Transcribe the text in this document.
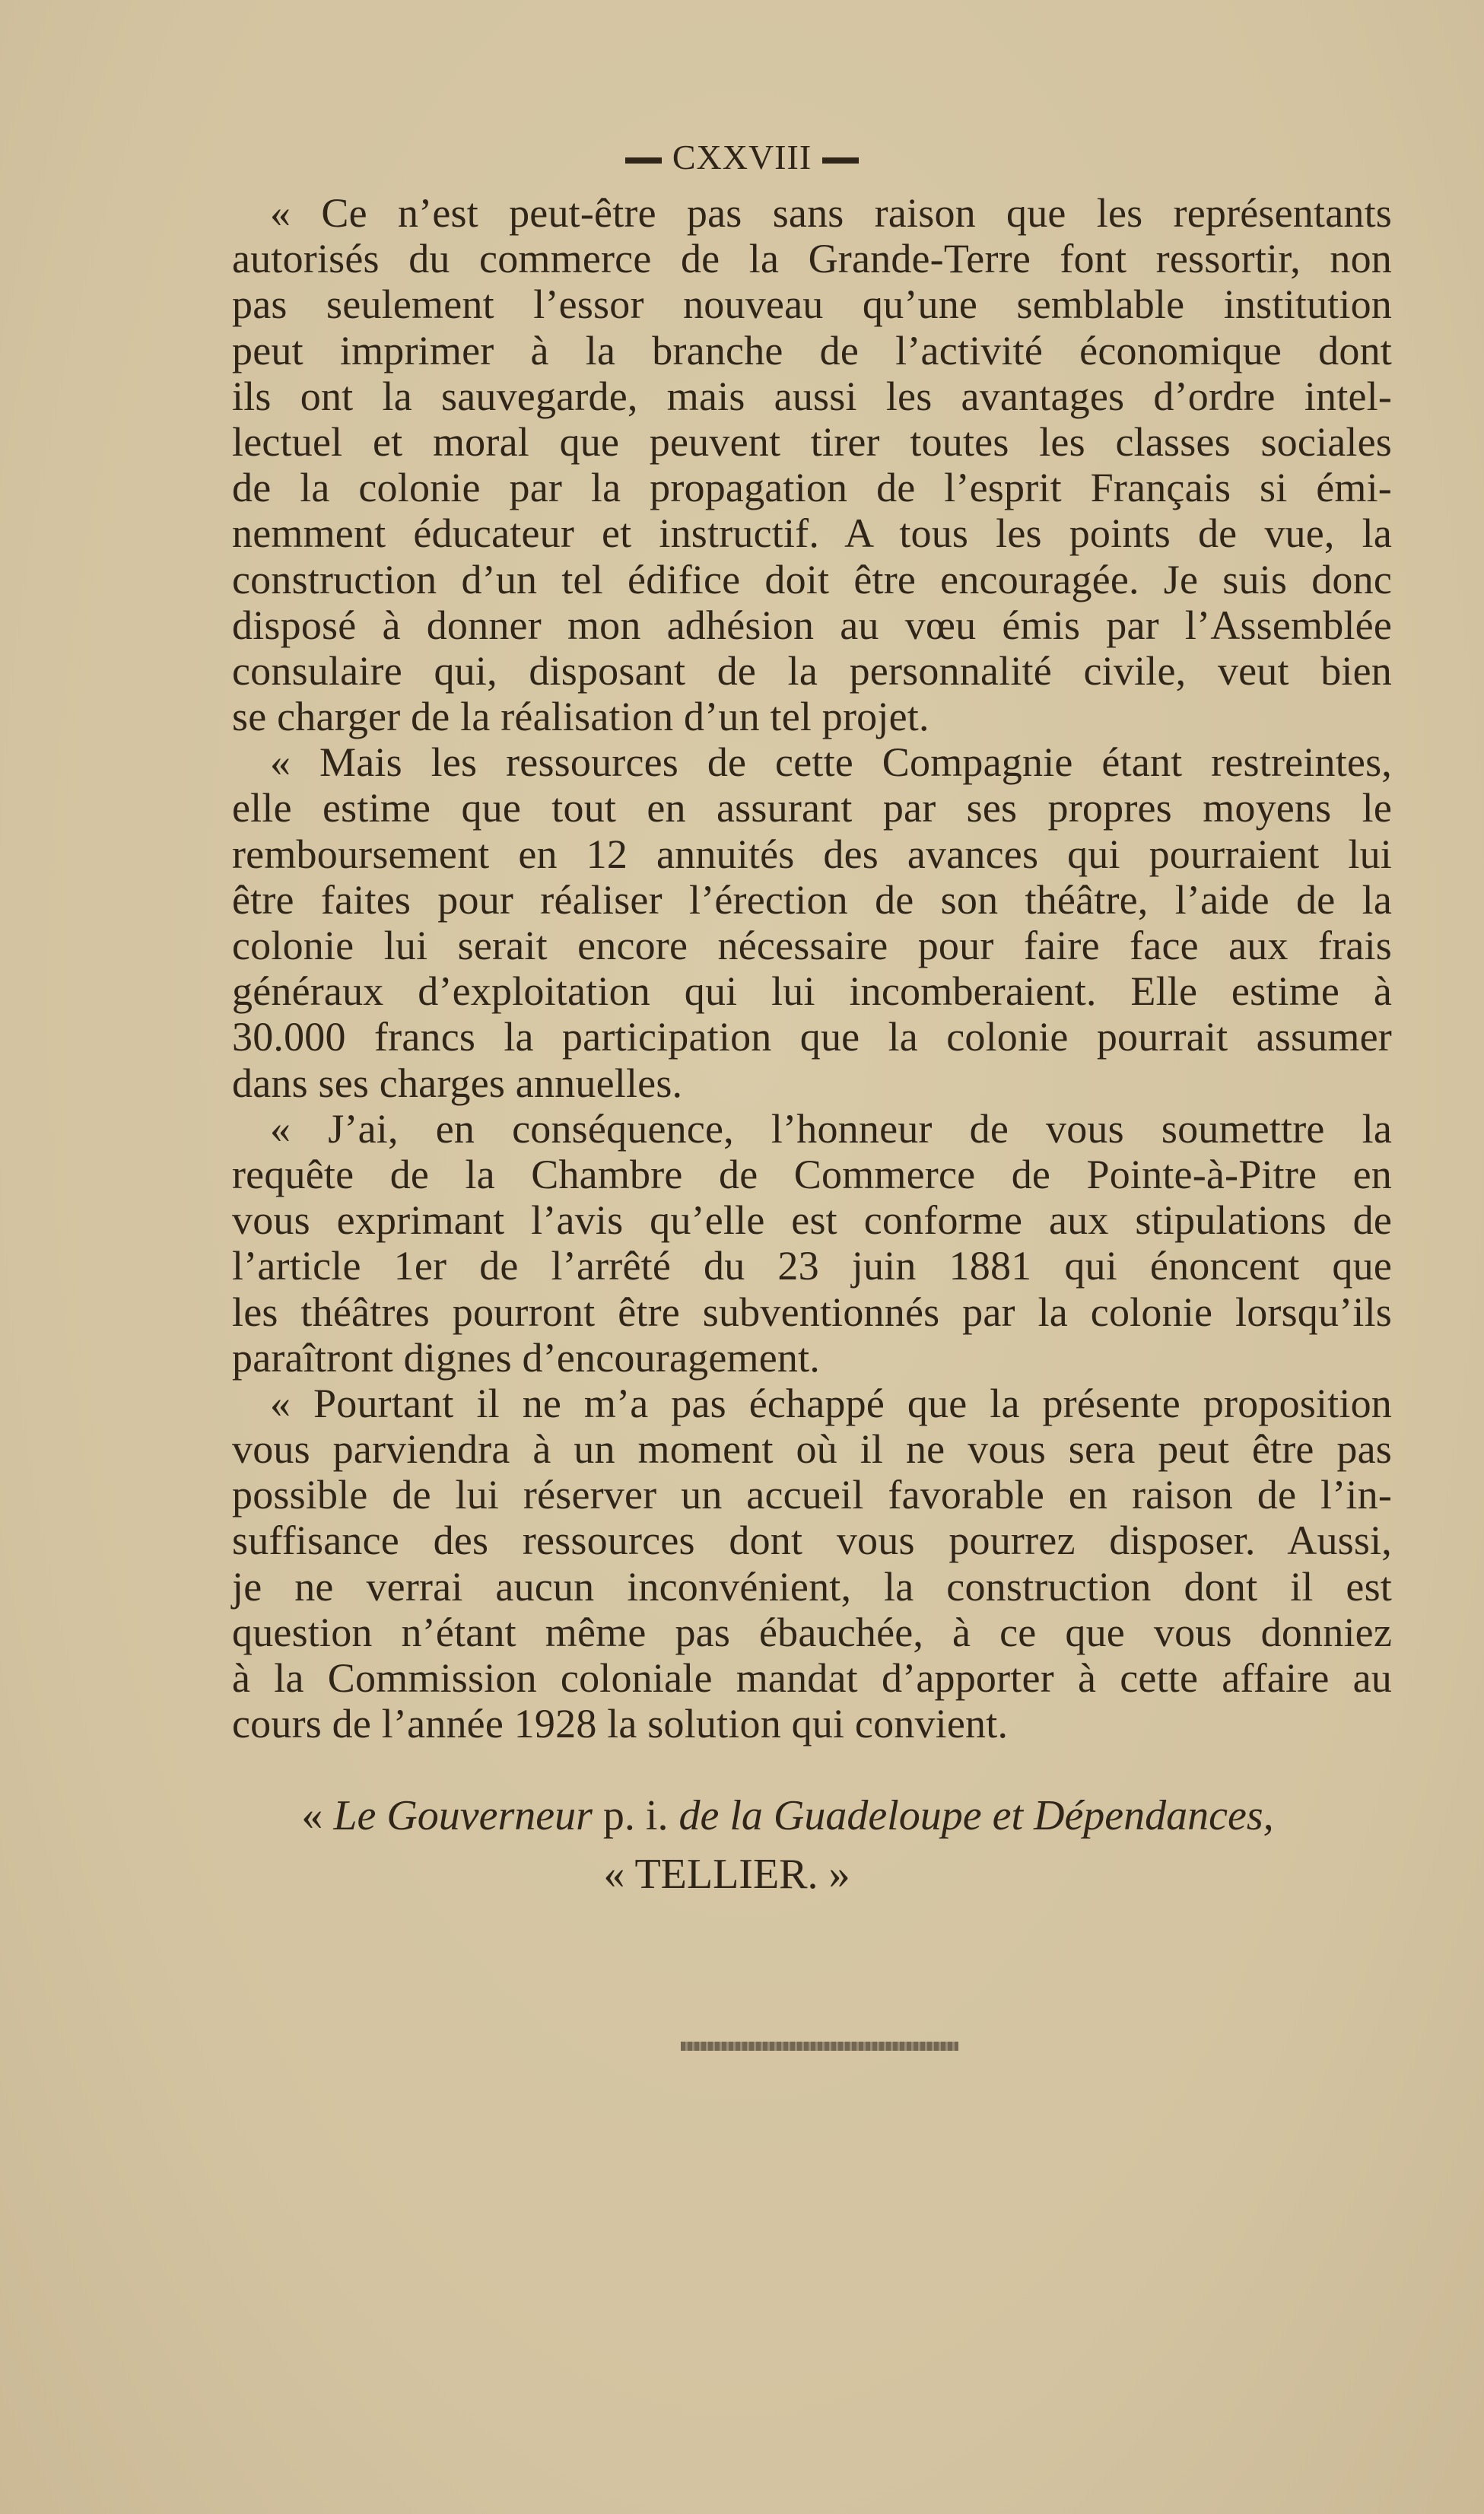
CXXVIII
« Ce n’est peut-être pas sans raison que les représentants
autorisés du commerce de la Grande-Terre font ressortir, non
pas seulement l’essor nouveau qu’une semblable institution
peut imprimer à la branche de l’activité économique dont
ils ont la sauvegarde, mais aussi les avantages d’ordre intel-
lectuel et moral que peuvent tirer toutes les classes sociales
de la colonie par la propagation de l’esprit Français si émi-
nemment éducateur et instructif. A tous les points de vue, la
construction d’un tel édifice doit être encouragée. Je suis donc
disposé à donner mon adhésion au vœu émis par l’Assemblée
consulaire qui, disposant de la personnalité civile, veut bien
se charger de la réalisation d’un tel projet.
« Mais les ressources de cette Compagnie étant restreintes,
elle estime que tout en assurant par ses propres moyens le
remboursement en 12 annuités des avances qui pourraient lui
être faites pour réaliser l’érection de son théâtre, l’aide de la
colonie lui serait encore nécessaire pour faire face aux frais
généraux d’exploitation qui lui incomberaient. Elle estime à
30.000 francs la participation que la colonie pourrait assumer
dans ses charges annuelles.
« J’ai, en conséquence, l’honneur de vous soumettre la
requête de la Chambre de Commerce de Pointe-à-Pitre en
vous exprimant l’avis qu’elle est conforme aux stipulations de
l’article 1er de l’arrêté du 23 juin 1881 qui énoncent que
les théâtres pourront être subventionnés par la colonie lorsqu’ils
paraîtront dignes d’encouragement.
« Pourtant il ne m’a pas échappé que la présente proposition
vous parviendra à un moment où il ne vous sera peut être pas
possible de lui réserver un accueil favorable en raison de l’in-
suffisance des ressources dont vous pourrez disposer. Aussi,
je ne verrai aucun inconvénient, la construction dont il est
question n’étant même pas ébauchée, à ce que vous donniez
à la Commission coloniale mandat d’apporter à cette affaire au
cours de l’année 1928 la solution qui convient.
« Le Gouverneur p. i. de la Guadeloupe et Dépendances,
« TELLIER. »
